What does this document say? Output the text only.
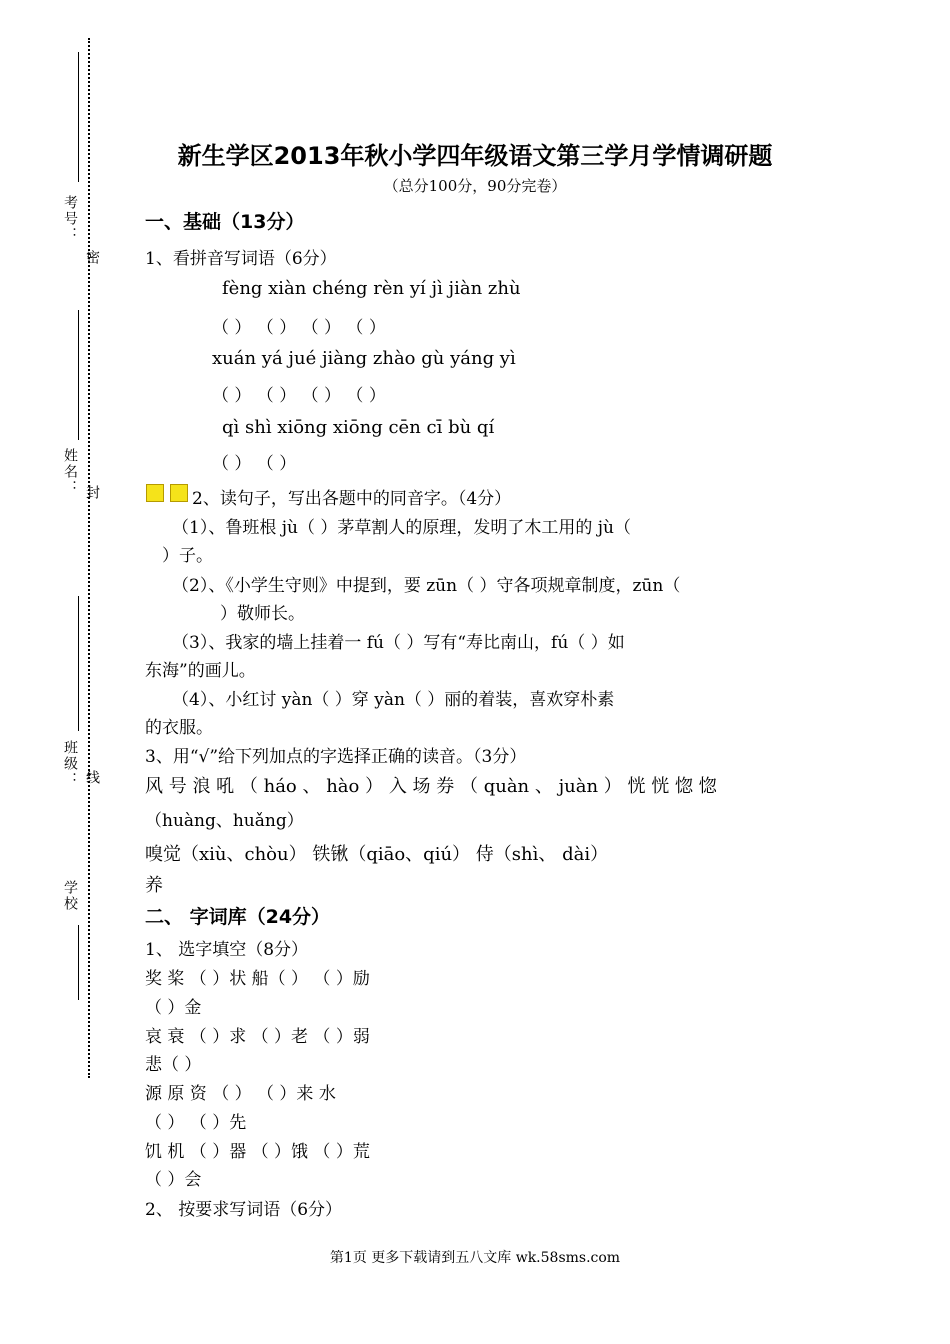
考号：
密
姓名： 封
班级： 线
学校
新生学区2013年秋小学四年级语文第三学月学情调研题
（总分100分，90分完卷）
一、基础（13分）
1、看拼音写词语（6分）
fèng xiàn chéng rèn yí jì jiàn zhù
（ ） （ ） （ ） （ ）
xuán yá jué jiàng zhào gù yáng yì
（ ） （ ） （ ） （ ）
qì shì xiōng xiōng cēn cī bù qí
（ ） （ ）
2、读句子，写出各题中的同音字。（4分）
（1）、鲁班根 jù（ ）茅草割人的原理，发明了木工用的 jù（
）子。
（2）、《小学生守则》中提到，要 zūn（ ）守各项规章制度，zūn（
）敬师长。
（3）、我家的墙上挂着一 fú（ ）写有“寿比南山，fú（ ）如
东海”的画儿。
（4）、小红讨 yàn（ ）穿 yàn（ ）丽的着装，喜欢穿朴素
的衣服。
3、用“√”给下列加点的字选择正确的读音。（3分）
风 号 浪 吼 （ háo 、 hào ） 入 场 券 （ quàn 、 juàn ） 恍 恍 惚 惚
（huàng、huǎng）
嗅觉（xiù、chòu） 铁锹（qiāo、qiú） 侍（shì、 dài）
养
二、 字词库（24分）
1、 选字填空（8分）
奖 桨 （ ）状 船（ ） （ ）励
（ ）金
哀 衰 （ ）求 （ ）老 （ ）弱
悲（ ）
源 原 资 （ ） （ ）来 水
（ ） （ ）先
饥 机 （ ）器 （ ）饿 （ ）荒
（ ）会
2、 按要求写词语（6分）
第1页 更多下载请到五八文库 wk.58sms.com
